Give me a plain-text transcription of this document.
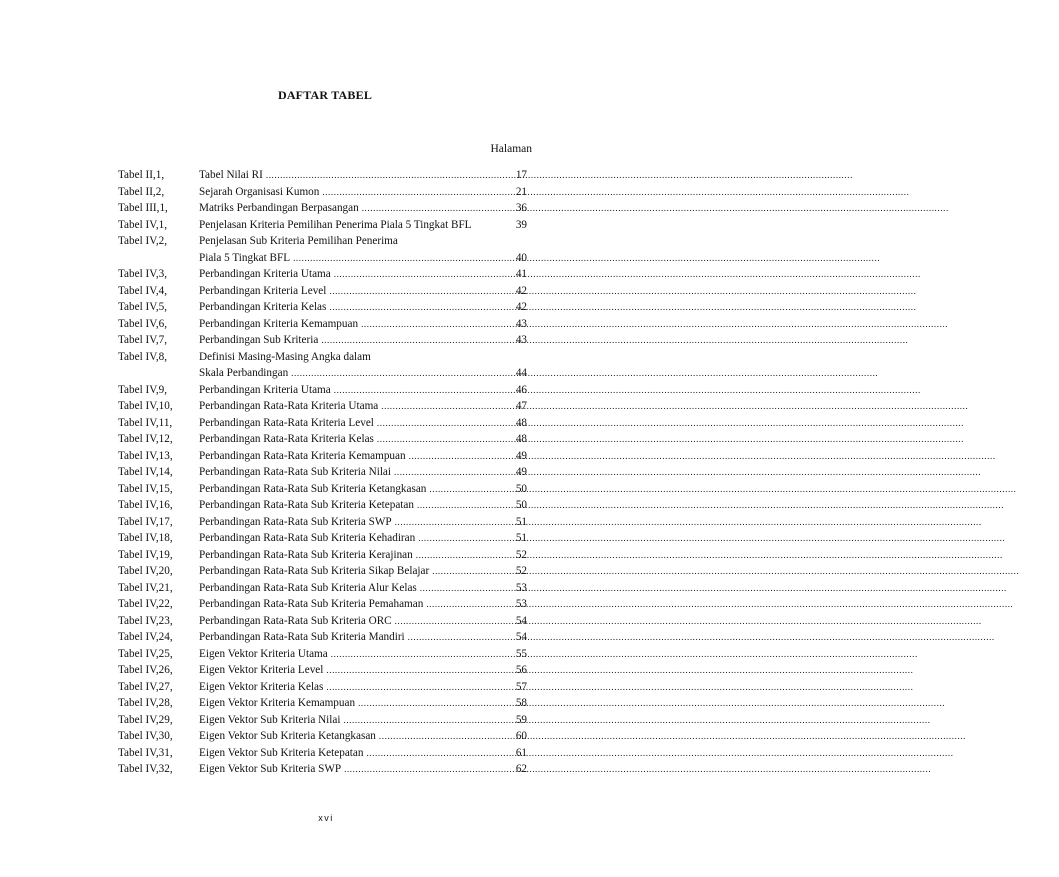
DAFTAR TABEL
Halaman
Tabel II,1,	Tabel Nilai RI .....	17
Tabel II,2,	Sejarah Organisasi Kumon .....	21
Tabel III,1,	Matriks Perbandingan Berpasangan .....	36
Tabel IV,1,	Penjelasan Kriteria Pemilihan Penerima Piala 5 Tingkat BFL	39
Tabel IV,2,	Penjelasan Sub Kriteria Pemilihan Penerima
Piala 5 Tingkat BFL .....	40
Tabel IV,3,	Perbandingan Kriteria Utama .....	41
Tabel IV,4,	Perbandingan Kriteria Level .....	42
Tabel IV,5,	Perbandingan Kriteria Kelas .....	42
Tabel IV,6,	Perbandingan Kriteria Kemampuan .....	43
Tabel IV,7,	Perbandingan Sub Kriteria .....	43
Tabel IV,8,	Definisi Masing-Masing Angka dalam
Skala Perbandingan .....	44
Tabel IV,9,	Perbandingan Kriteria Utama .....	46
Tabel IV,10,	Perbandingan Rata-Rata Kriteria Utama .....	47
Tabel IV,11,	Perbandingan Rata-Rata Kriteria Level .....	48
Tabel IV,12,	Perbandingan Rata-Rata Kriteria Kelas .....	48
Tabel IV,13,	Perbandingan Rata-Rata Kriteria Kemampuan .....	49
Tabel IV,14,	Perbandingan Rata-Rata Sub Kriteria Nilai .....	49
Tabel IV,15,	Perbandingan Rata-Rata Sub Kriteria Ketangkasan .....	50
Tabel IV,16,	Perbandingan Rata-Rata Sub Kriteria Ketepatan .....	50
Tabel IV,17,	Perbandingan Rata-Rata Sub Kriteria SWP .....	51
Tabel IV,18,	Perbandingan Rata-Rata Sub Kriteria Kehadiran .....	51
Tabel IV,19,	Perbandingan Rata-Rata Sub Kriteria Kerajinan .....	52
Tabel IV,20,	Perbandingan Rata-Rata Sub Kriteria Sikap Belajar .....	52
Tabel IV,21,	Perbandingan Rata-Rata Sub Kriteria Alur Kelas .....	53
Tabel IV,22,	Perbandingan Rata-Rata Sub Kriteria Pemahaman .....	53
Tabel IV,23,	Perbandingan Rata-Rata Sub Kriteria ORC .....	54
Tabel IV,24,	Perbandingan Rata-Rata Sub Kriteria Mandiri .....	54
Tabel IV,25,	Eigen Vektor Kriteria Utama .....	55
Tabel IV,26,	Eigen Vektor Kriteria Level .....	56
Tabel IV,27,	Eigen Vektor Kriteria Kelas .....	57
Tabel IV,28,	Eigen Vektor Kriteria Kemampuan .....	58
Tabel IV,29,	Eigen Vektor Sub Kriteria Nilai .....	59
Tabel IV,30,	Eigen Vektor Sub Kriteria Ketangkasan .....	60
Tabel IV,31,	Eigen Vektor Sub Kriteria Ketepatan .....	61
Tabel IV,32,	Eigen Vektor Sub Kriteria SWP .....	62
xvi
